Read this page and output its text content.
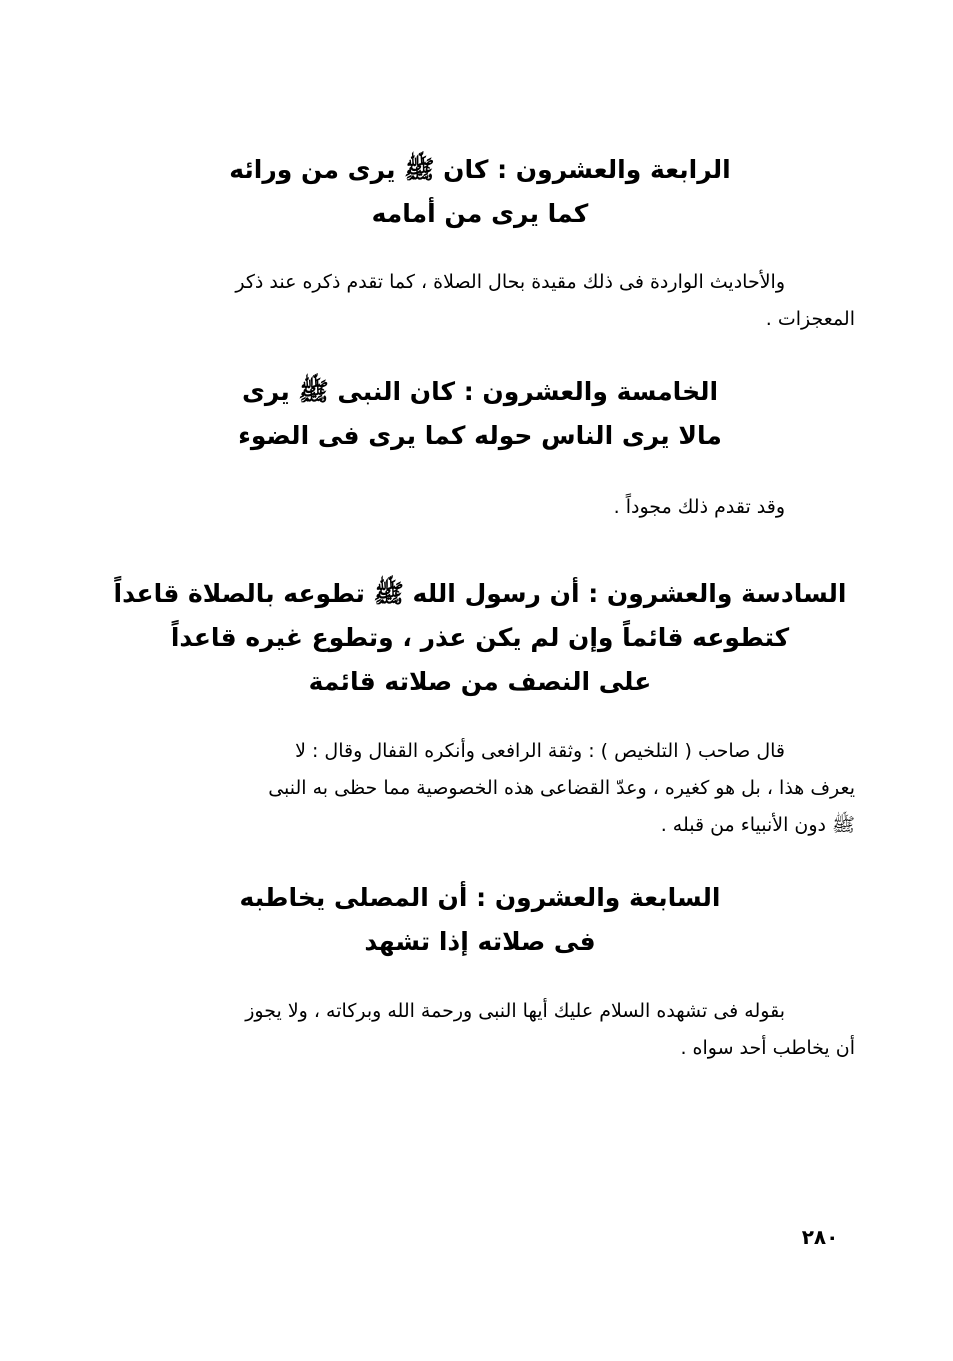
الرابعة والعشرون : كان ﷺ يرى من ورائه
كما يرى من أمامه
والأحاديث الواردة فى ذلك مقيدة بحال الصلاة ، كما تقدم ذكره عند ذكر
المعجزات .
الخامسة والعشرون : كان النبى ﷺ يرى
مالا يرى الناس حوله كما يرى فى الضوء
وقد تقدم ذلك مجوداً .
السادسة والعشرون : أن رسول الله ﷺ تطوعه بالصلاة قاعداً
كتطوعه قائماً وإن لم يكن عذر ، وتطوع غيره قاعداً
على النصف من صلاته قائمة
قال صاحب ( التلخيص ) : وثقة الرافعى وأنكره القفال وقال : لا
يعرف هذا ، بل هو كغيره ، وعدّ القضاعى هذه الخصوصية مما حظى به النبى
ﷺ دون الأنبياء من قبله .
السابعة والعشرون : أن المصلى يخاطبه
فى صلاته إذا تشهد
بقوله فى تشهده السلام عليك أيها النبى ورحمة الله وبركاته ، ولا يجوز
أن يخاطب أحد سواه .
٢٨٠
